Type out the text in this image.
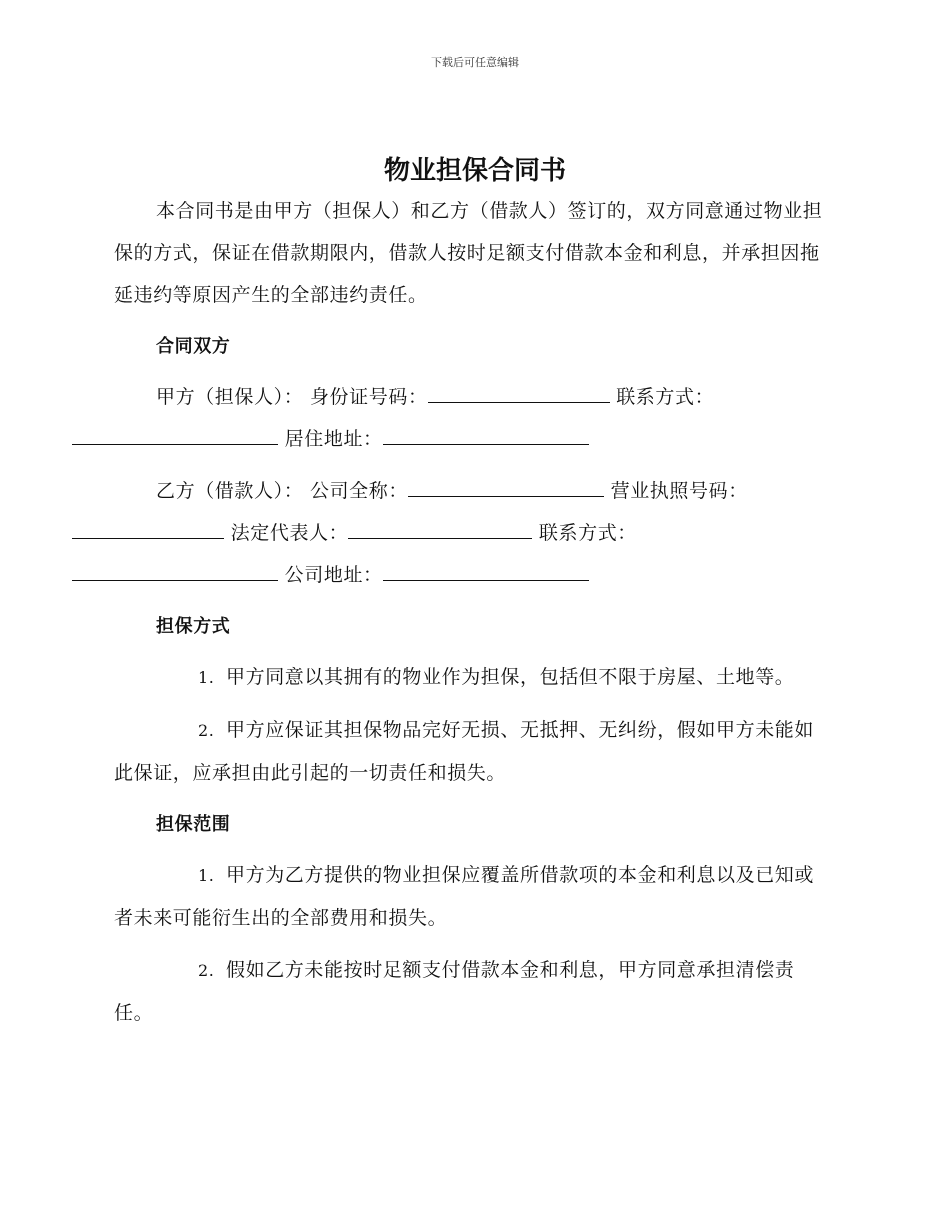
下载后可任意编辑
物业担保合同书

本合同书是由甲方（担保人）和乙方（借款人）签订的，双方同意通过物业担保的方式，保证在借款期限内，借款人按时足额支付借款本金和利息，并承担因拖延违约等原因产生的全部违约责任。

合同双方

甲方（担保人）： 身份证号码：	联系方式：
居住地址：

乙方（借款人）： 公司全称：	营业执照号码：
法定代表人：	联系方式：
公司地址：

担保方式

1. 甲方同意以其拥有的物业作为担保，包括但不限于房屋、土地等。

2. 甲方应保证其担保物品完好无损、无抵押、无纠纷，假如甲方未能如此保证，应承担由此引起的一切责任和损失。

担保范围

1. 甲方为乙方提供的物业担保应覆盖所借款项的本金和利息以及已知或者未来可能衍生出的全部费用和损失。

2. 假如乙方未能按时足额支付借款本金和利息，甲方同意承担清偿责任。
